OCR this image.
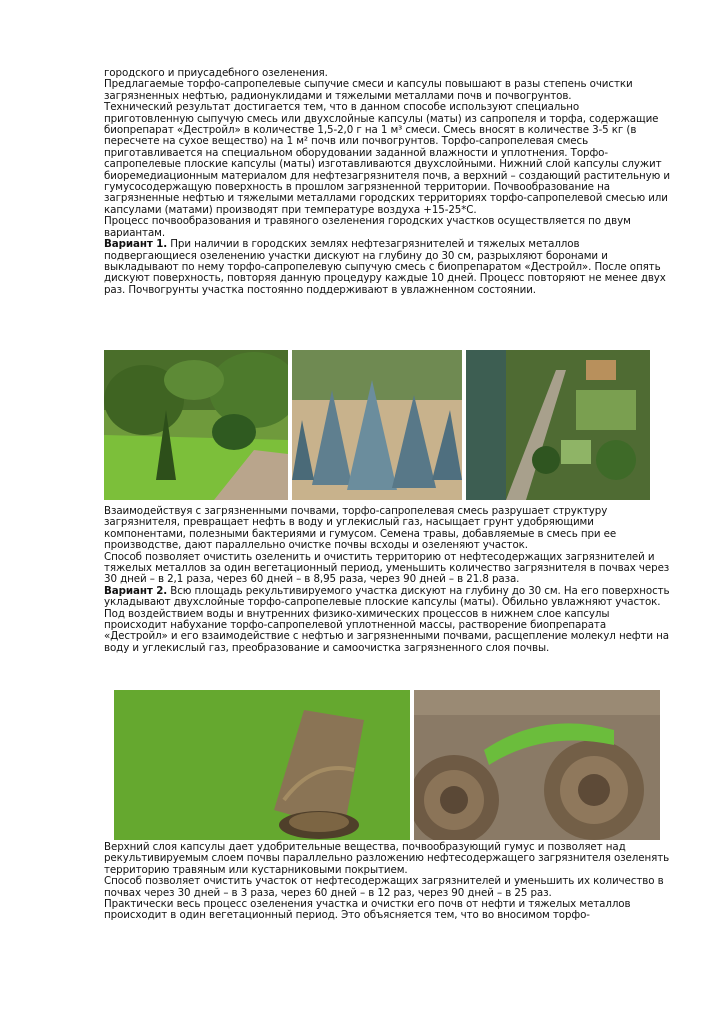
городского и приусадебного озеленения.

Предлагаемые торфо-сапропелевые сыпучие смеси и капсулы повышают в разы степень очистки загрязненных нефтью, радионуклидами и тяжелыми металлами почв и почвогрунтов.

Технический результат достигается тем, что в данном способе используют специально приготовленную сыпучую смесь или двухслойные капсулы (маты) из сапропеля и торфа, содержащие биопрепарат «Дестройл» в количестве 1,5-2,0 г на 1 м³ смеси. Смесь вносят в количестве 3-5 кг (в пересчете на сухое вещество) на 1 м² почв или почвогрунтов. Торфо-сапропелевая смесь приготавливается на специальном оборудовании заданной влажности и уплотнения. Торфо-сапропелевые плоские капсулы (маты) изготавливаются двухслойными. Нижний слой капсулы служит биоремедиационным материалом для нефтезагрязнителя почв, а верхний – создающий растительную и гумусосодержащую поверхность в прошлом загрязненной территории. Почвообразование на загрязненные нефтью и тяжелыми металлами городских территориях торфо-сапропелевой смесью или капсулами (матами) производят при температуре воздуха +15-25*С.

Процесс почвообразования и травяного озеленения городских участков осуществляется по двум вариантам.

Вариант 1. При наличии в городских землях нефтезагрязнителей и тяжелых металлов подвергающиеся озеленению участки дискуют на глубину до 30 см, разрыхляют боронами и выкладывают по нему торфо-сапропелевую сыпучую смесь с биопрепаратом «Дестройл». После опять дискуют поверхность, повторяя данную процедуру каждые 10 дней. Процесс повторяют не менее двух раз. Почвогрунты участка постоянно поддерживают в увлажненном состоянии.

Взаимодействуя с загрязненными почвами, торфо-сапропелевая смесь разрушает структуру загрязнителя, превращает нефть в воду и углекислый газ, насыщает грунт удобряющими компонентами, полезными бактериями и гумусом. Семена травы, добавляемые в смесь при ее производстве, дают параллельно очистке почвы всходы и озеленяют участок.

Способ позволяет очистить озеленить и очистить территорию от нефтесодержащих загрязнителей и тяжелых металлов за один вегетационный период, уменьшить количество загрязнителя в почвах через 30 дней – в 2,1 раза, через 60 дней – в 8,95 раза, через 90 дней – в 21.8 раза.

Вариант 2. Всю площадь рекультивируемого участка дискуют на глубину до 30 см. На его поверхность укладывают двухслойные торфо-сапропелевые плоские капсулы (маты). Обильно увлажняют участок. Под воздействием воды и внутренних физико-химических процессов в нижнем слое капсулы происходит набухание торфо-сапропелевой уплотненной массы, растворение биопрепарата «Дестройл» и его взаимодействие с нефтью и загрязненными почвами, расщепление молекул нефти на воду и углекислый газ, преобразование и самоочистка загрязненного слоя почвы.

Верхний слоя капсулы дает удобрительные вещества, почвообразующий гумус и позволяет над рекультивируемым слоем почвы параллельно разложению нефтесодержащего загрязнителя озеленять территорию травяным или кустарниковыми покрытием.

Способ позволяет очистить участок от нефтесодержащих загрязнителей и уменьшить их количество в почвах через 30 дней – в 3 раза, через 60 дней – в 12 раз, через 90 дней – в 25 раз.

Практически весь процесс озеленения участка и очистки его почв от нефти и тяжелых металлов происходит в один вегетационный период. Это объясняется тем, что во вносимом торфо-
